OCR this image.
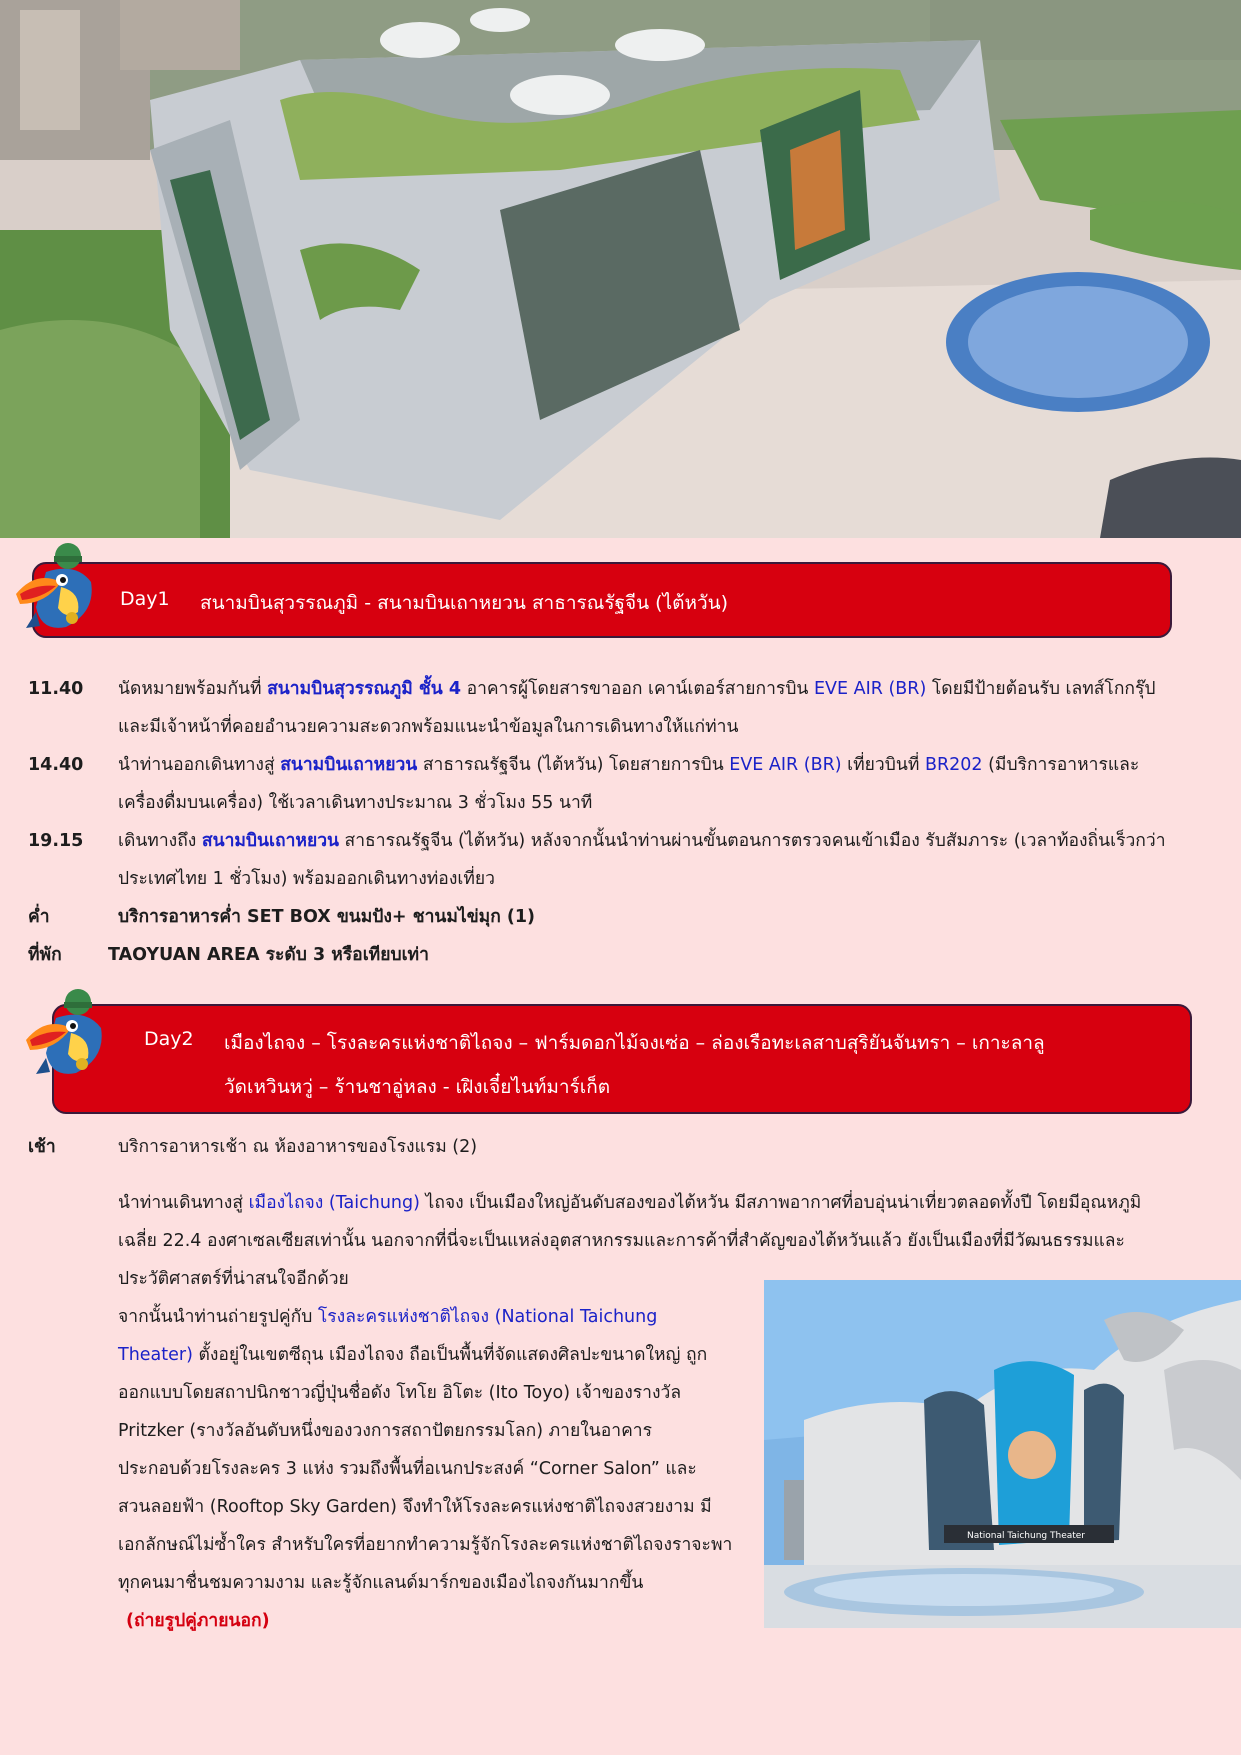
Day1 สนามบินสุวรรณภูมิ - สนามบินเถาหยวน สาธารณรัฐจีน (ไต้หวัน)
11.40 นัดหมายพร้อมกันที่ สนามบินสุวรรณภูมิ ชั้น 4 อาคารผู้โดยสารขาออก เคาน์เตอร์สายการบิน EVE AIR (BR) โดยมีป้ายต้อนรับ เลทส์โกกรุ๊ป
และมีเจ้าหน้าที่คอยอำนวยความสะดวกพร้อมแนะนำข้อมูลในการเดินทางให้แก่ท่าน
14.40 นำท่านออกเดินทางสู่ สนามบินเถาหยวน สาธารณรัฐจีน (ไต้หวัน) โดยสายการบิน EVE AIR (BR) เที่ยวบินที่ BR202 (มีบริการอาหารและ
เครื่องดื่มบนเครื่อง) ใช้เวลาเดินทางประมาณ 3 ชั่วโมง 55 นาที
19.15 เดินทางถึง สนามบินเถาหยวน สาธารณรัฐจีน (ไต้หวัน) หลังจากนั้นนำท่านผ่านขั้นตอนการตรวจคนเข้าเมือง รับสัมภาระ (เวลาท้องถิ่นเร็วกว่า
ประเทศไทย 1 ชั่วโมง) พร้อมออกเดินทางท่องเที่ยว
ค่ำ	บริการอาหารค่ำ SET BOX ขนมปัง+ ชานมไข่มุก (1)
ที่พัก	TAOYUAN AREA ระดับ 3 หรือเทียบเท่า
Day2 เมืองไถจง – โรงละครแห่งชาติไถจง – ฟาร์มดอกไม้จงเซ่อ – ล่องเรือทะเลสาบสุริยันจันทรา – เกาะลาลู
วัดเหวินหวู่ – ร้านชาอู่หลง - เฝิงเจี๋ยไนท์มาร์เก็ต
เช้า	บริการอาหารเช้า ณ ห้องอาหารของโรงแรม (2)
นำท่านเดินทางสู่ เมืองไถจง (Taichung) ไถจง เป็นเมืองใหญ่อันดับสองของไต้หวัน มีสภาพอากาศที่อบอุ่นน่าเที่ยวตลอดทั้งปี โดยมีอุณหภูมิ
เฉลี่ย 22.4 องศาเซลเซียสเท่านั้น นอกจากที่นี่จะเป็นแหล่งอุตสาหกรรมและการค้าที่สำคัญของไต้หวันแล้ว ยังเป็นเมืองที่มีวัฒนธรรมและ
ประวัติศาสตร์ที่น่าสนใจอีกด้วย
จากนั้นนำท่านถ่ายรูปคู่กับ โรงละครแห่งชาติไถจง (National Taichung
Theater) ตั้งอยู่ในเขตซีถุน เมืองไถจง ถือเป็นพื้นที่จัดแสดงศิลปะขนาดใหญ่ ถูก
ออกแบบโดยสถาปนิกชาวญี่ปุ่นชื่อดัง โทโย อิโตะ (Ito Toyo) เจ้าของรางวัล
Pritzker (รางวัลอันดับหนึ่งของวงการสถาปัตยกรรมโลก) ภายในอาคาร
ประกอบด้วยโรงละคร 3 แห่ง รวมถึงพื้นที่อเนกประสงค์ “Corner Salon” และ
สวนลอยฟ้า (Rooftop Sky Garden) จึงทำให้โรงละครแห่งชาติไถจงสวยงาม มี
เอกลักษณ์ไม่ซ้ำใคร สำหรับใครที่อยากทำความรู้จักโรงละครแห่งชาติไถจงราจะพา
ทุกคนมาชื่นชมความงาม และรู้จักแลนด์มาร์กของเมืองไถจงกันมากขึ้น
(ถ่ายรูปคู่ภายนอก)
National Taichung Theater
